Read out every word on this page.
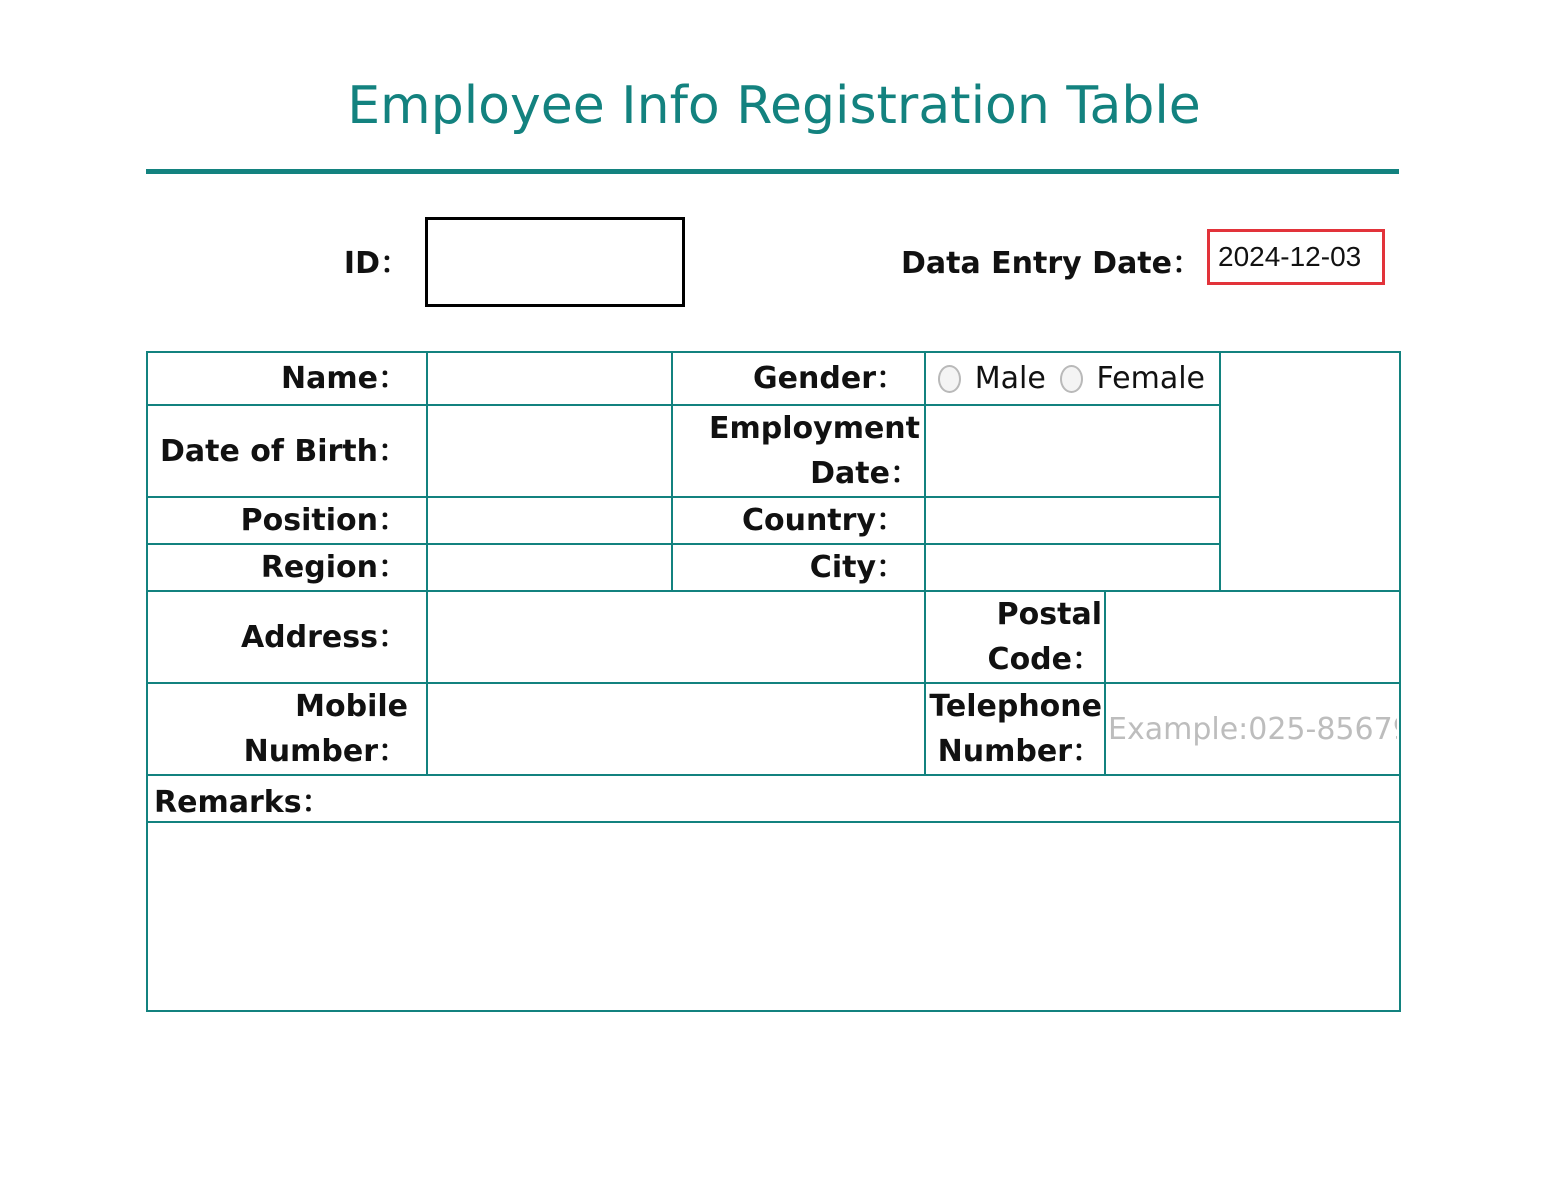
Employee Info Registration Table
ID：	Data Entry Date：
2024-12-03
Name：		Gender：	Male Female		

Date of Birth：		Employment Date：	
Position：		Country：	
Region：		City：	
Address：			Postal Code：	
Mobile Number：			Telephone Number：	Example:025-85679591
Remarks：					
